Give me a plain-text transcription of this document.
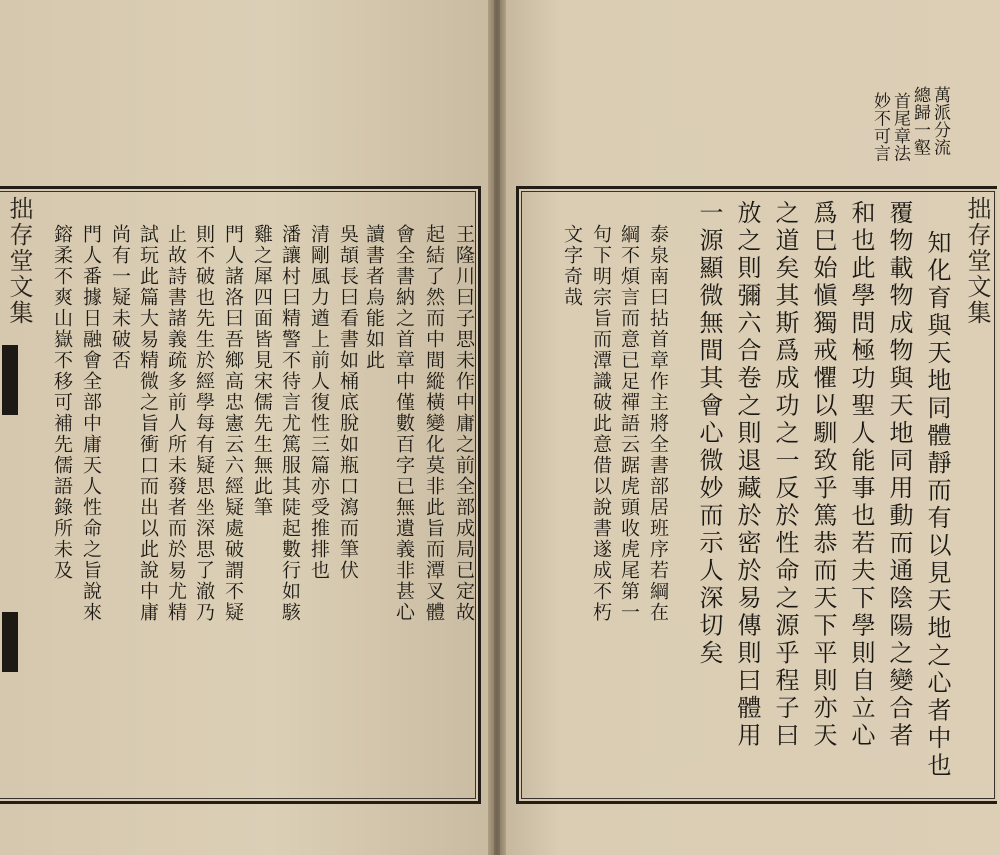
拙存堂文集	王隆川曰子思未作中庸之前全部成局已定故
起結了然而中間縱橫變化莫非此旨而潭叉體
會全書納之首章中僅數百字已無遺義非甚心
讀書者烏能如此
吳頡長曰看書如桶底脫如瓶口瀉而筆伏
清剛風力遒上前人復性三篇亦受推排也
潘讓村曰精警不待言尤篤服其陡起數行如駭
雞之犀四面皆見宋儒先生無此筆
門人諸洛曰吾鄉高忠憲云六經疑處破謂不疑
則不破也先生於經學每有疑思坐深思了澈乃
止故詩書諸義疏多前人所未發者而於易尤精
試玩此篇大易精微之旨衝口而出以此說中庸
尚有一疑未破否
門人番據日融會全部中庸天人性命之旨說來
鎔柔不爽山嶽不移可補先儒語錄所未及
萬派分流
總歸一壑
首尾章法
妙不可言
拙存堂文集
知化育與天地同體靜而有以見天地之心者中也
覆物載物成物與天地同用動而通陰陽之變合者
和也此學問極功聖人能事也若夫下學則自立心
爲巳始愼獨戒懼以馴致乎篤恭而天下平則亦天
之道矣其斯爲成功之一反於性命之源乎程子曰
放之則彌六合卷之則退藏於密於易傳則曰體用
一源顯微無間其會心微妙而示人深切矣
泰泉南曰拈首章作主將全書部居班序若綱在
綱不煩言而意已足禪語云踞虎頭收虎尾第一
句下明宗旨而潭識破此意借以說書遂成不朽
文字奇哉
